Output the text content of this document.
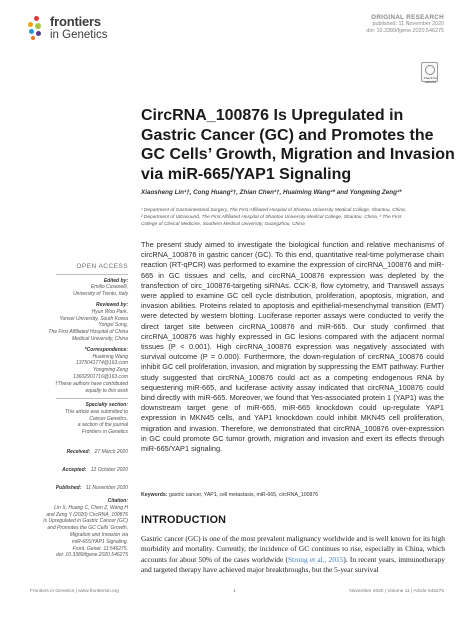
frontiers
in Genetics
ORIGINAL RESEARCH
published: 11 November 2020
doi: 10.3389/fgene.2020.546275
Check for updates
CircRNA_100876 Is Upregulated in Gastric Cancer (GC) and Promotes the GC Cells’ Growth, Migration and Invasion via miR-665/YAP1 Signaling
Xiaosheng Lin¹†, Cong Huang²†, Zhian Chen³†, Huaiming Wang¹* and Yongming Zeng¹*
¹ Department of Gastrointestinal Surgery, The First Affiliated Hospital of Shantou University Medical College, Shantou, China,
² Department of Ultrasound, The First Affiliated Hospital of Shantou University Medical College, Shantou, China, ³ The First
College of Clinical Medicine, Southern Medical University, Guangzhou, China
OPEN ACCESS
Edited by:
Emilio Cusanelli,
University of Trento, Italy
Reviewed by:
Hyun Woo Park,
Yonsei University, South Korea
Yongxi Song,
The First Affiliated Hospital of China
Medical University, China
*Correspondence:
Huaiming Wang
1375041774@163.com
Yongming Zeng
13602901716@163.com
†These authors have contributed
equally to this work
Specialty section:
This article was submitted to
Cancer Genetics,
a section of the journal
Frontiers in Genetics
Received: 27 March 2020
Accepted: 12 October 2020
Published: 11 November 2020
Citation:
Lin X, Huang C, Chen Z, Wang H
and Zeng Y (2020) CircRNA_100876
Is Upregulated in Gastric Cancer (GC)
and Promotes the GC Cells’ Growth,
Migration and Invasion via
miR-665/YAP1 Signaling.
Front. Genet. 11:546275.
doi: 10.3389/fgene.2020.546275

The present study aimed to investigate the biological function and relative mechanisms of circRNA_100876 in gastric cancer (GC). To this end, quantitative real-time polymerase chain reaction (RT-qPCR) was performed to examine the expression of circRNA_100876 and miR-665 in GC tissues and cells, and circRNA_100876 expression was depleted by the transfection of circ_100876-targeting siRNAs. CCK-8, flow cytometry, and Transwell assays were applied to examine GC cell cycle distribution, proliferation, apoptosis, migration, and invasion abilities. Proteins related to apoptosis and epithelial-mesenchymal transition (EMT) were detected by western blotting. Luciferase reporter assays were conducted to verify the direct target site between circRNA_100876 and miR-665. Our study confirmed that circRNA_100876 was highly expressed in GC lesions compared with the adjacent normal tissues (P < 0.001). High circRNA_100876 expression was negatively associated with survival outcome (P = 0.000). Furthermore, the down-regulation of circRNA_100876 could inhibit GC cell proliferation, invasion, and migration by suppressing the EMT pathway. Further study suggested that circRNA_100876 could act as a competing endogenous RNA by sequestering miR-665, and luciferase activity assay indicated that circRNA_100876 could bind directly with miR-665. Moreover, we found that Yes-associated protein 1 (YAP1) was the downstream target gene of miR-665, miR-665 knockdown could up-regulate YAP1 expression in MKN45 cells, and YAP1 knockdown could inhibit MKN45 cell proliferation, migration and invasion. Therefore, we demonstrated that circRNA_100876 over-expression in GC could promote GC tumor growth, migration and invasion and exert its effects through miR-665/YAP1 signaling.

Keywords: gastric cancer, YAP1, cell metastasis, miR-665, circRNA_100876
INTRODUCTION

Gastric cancer (GC) is one of the most prevalent malignancy worldwide and is well known for its high morbidity and mortality. Currently, the incidence of GC continues to rise, especially in China, which accounts for about 50% of the cases worldwide (Strong et al., 2015). In recent years, immunotherapy and targeted therapy have achieved major breakthroughs, but the 5-year survival

Frontiers in Genetics | www.frontiersin.org	1	November 2020 | Volume 11 | Article 546275
